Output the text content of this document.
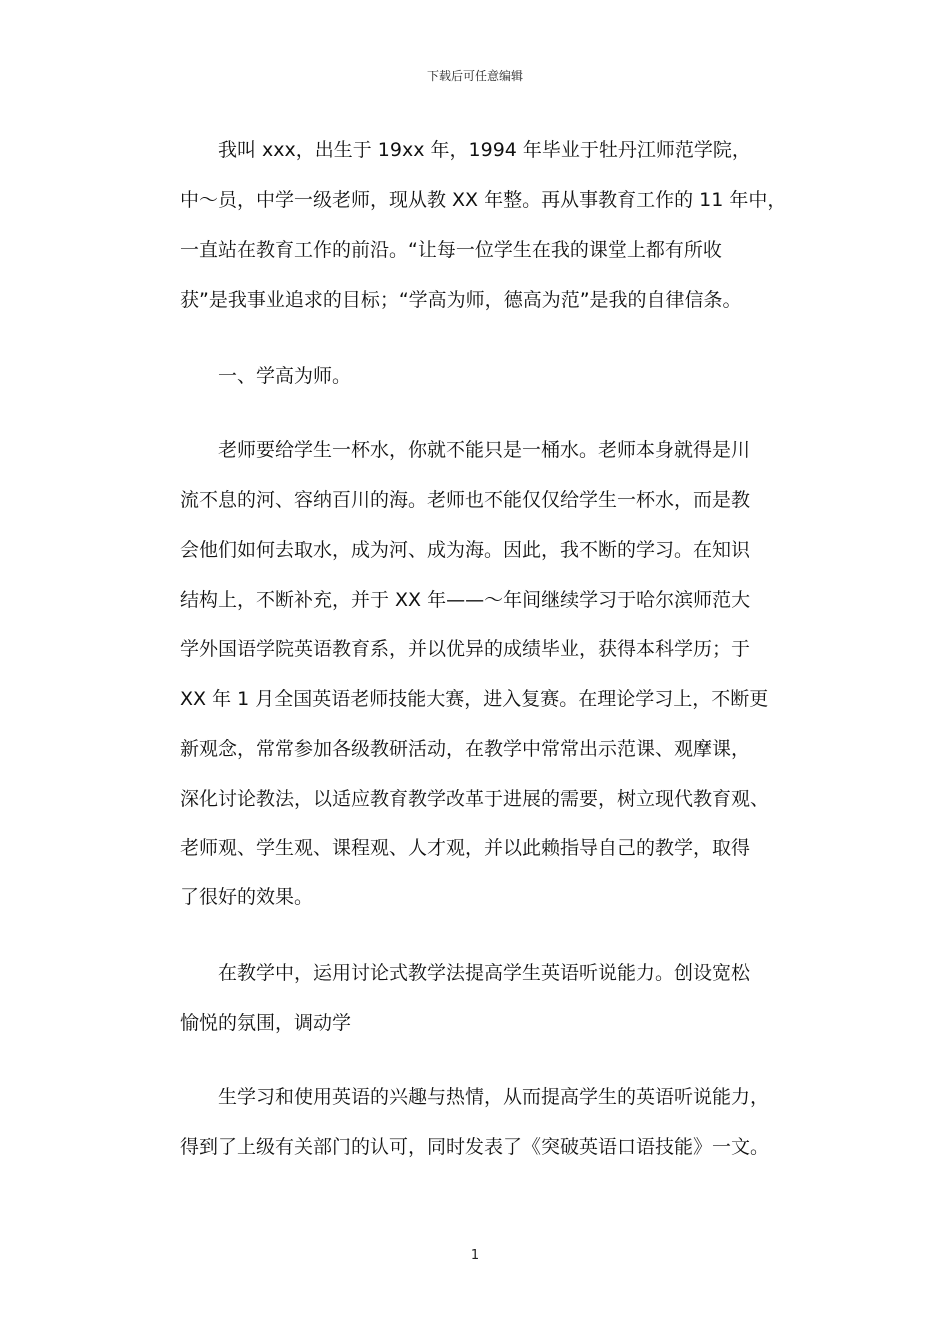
下载后可任意编辑
我叫 xxx，出生于 19xx 年，1994 年毕业于牡丹江师范学院，
中～员，中学一级老师，现从教 XX 年整。再从事教育工作的 11 年中，
一直站在教育工作的前沿。“让每一位学生在我的课堂上都有所收
获”是我事业追求的目标；“学高为师，德高为范”是我的自律信条。
一、学高为师。
老师要给学生一杯水，你就不能只是一桶水。老师本身就得是川
流不息的河、容纳百川的海。老师也不能仅仅给学生一杯水，而是教
会他们如何去取水，成为河、成为海。因此，我不断的学习。在知识
结构上，不断补充，并于 XX 年——～年间继续学习于哈尔滨师范大
学外国语学院英语教育系，并以优异的成绩毕业，获得本科学历；于
XX 年 1 月全国英语老师技能大赛，进入复赛。在理论学习上，不断更
新观念，常常参加各级教研活动，在教学中常常出示范课、观摩课，
深化讨论教法，以适应教育教学改革于进展的需要，树立现代教育观、
老师观、学生观、课程观、人才观，并以此赖指导自己的教学，取得
了很好的效果。
在教学中，运用讨论式教学法提高学生英语听说能力。创设宽松
愉悦的氛围，调动学
生学习和使用英语的兴趣与热情，从而提高学生的英语听说能力，
得到了上级有关部门的认可，同时发表了《突破英语口语技能》一文。
1
